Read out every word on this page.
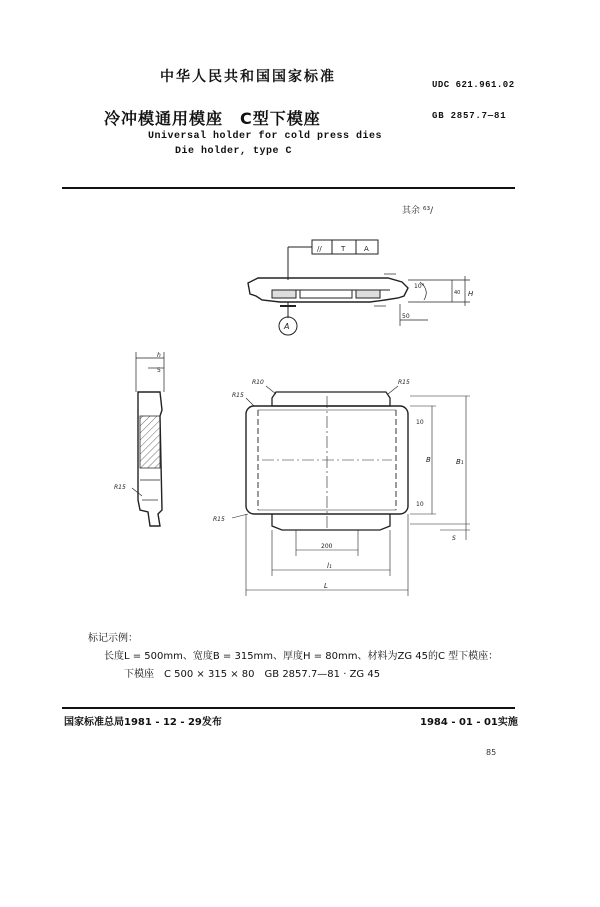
中华人民共和国国家标准	UDC 621.961.02
冷冲模通用模座　C型下模座	GB 2857.7—81
Universal holder for cold press dies
Die holder, type C
其余 ⁶³∕
//	T	A
A
10°
H
40
50
h
5
R15
R10
R15
R15
R15
B	B₁
10
10
200
l₁
L
S
标记示例：
长度L = 500mm、宽度B = 315mm、厚度H = 80mm、材料为ZG 45的C 型下模座：
下模座　C 500 × 315 × 80　GB 2857.7—81 · ZG 45
国家标准总局1981 - 12 - 29发布	1984 - 01 - 01实施
85
